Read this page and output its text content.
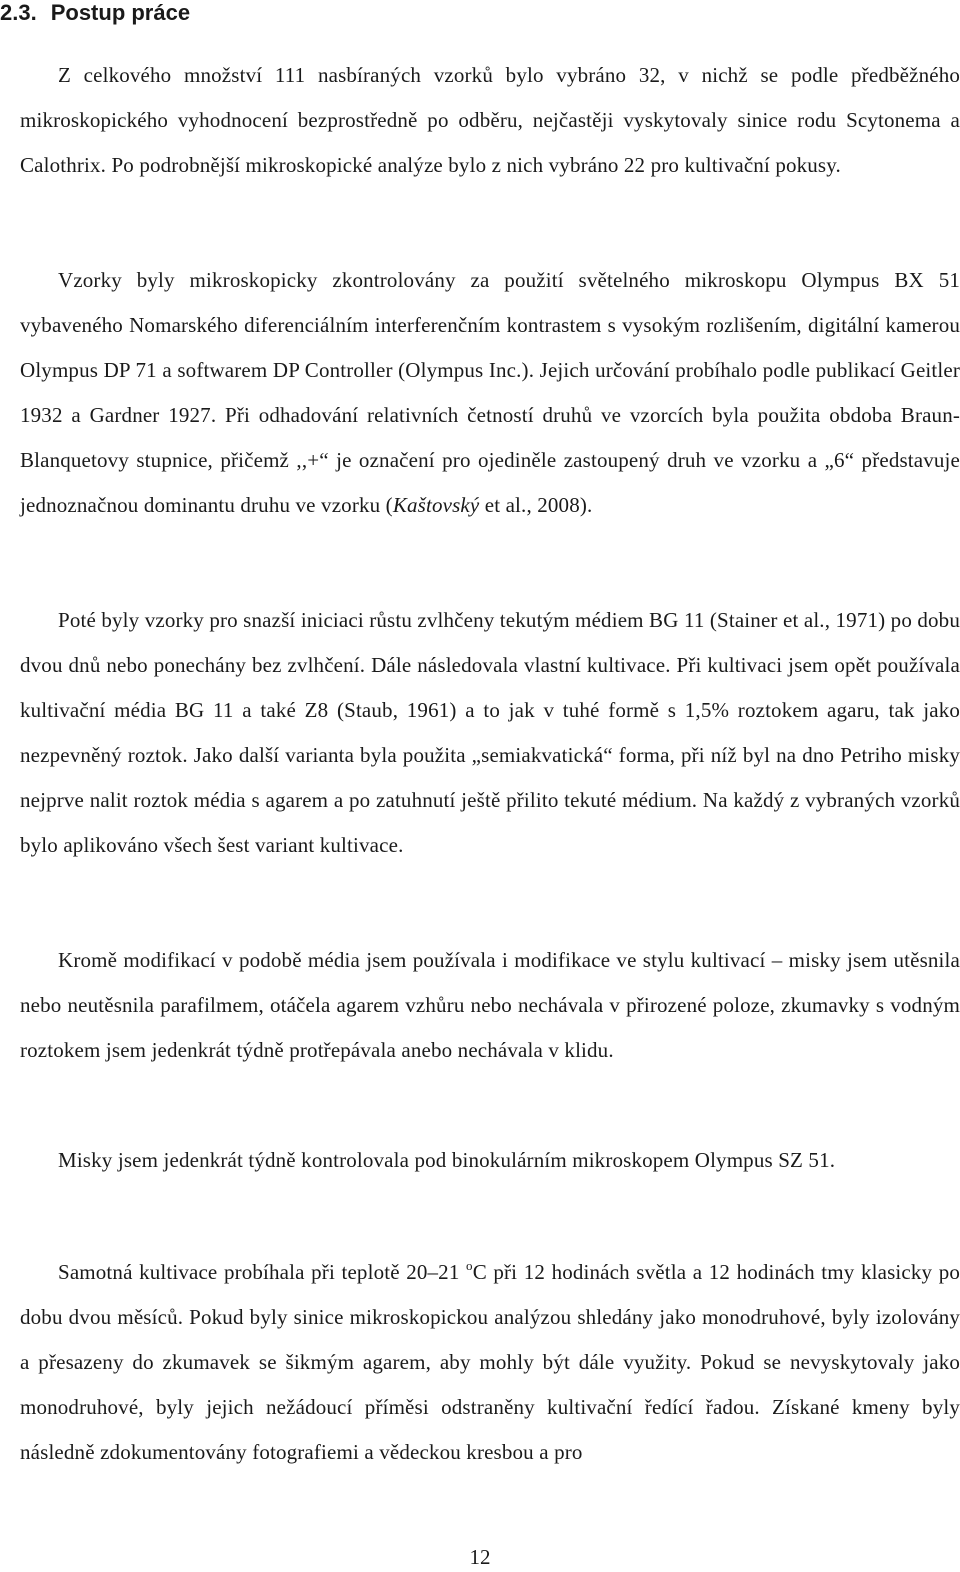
2.3. Postup práce

Z celkového množství 111 nasbíraných vzorků bylo vybráno 32, v nichž se podle předběžného mikroskopického vyhodnocení bezprostředně po odběru, nejčastěji vyskytovaly sinice rodu Scytonema a Calothrix. Po podrobnější mikroskopické analýze bylo z nich vybráno 22 pro kultivační pokusy.

Vzorky byly mikroskopicky zkontrolovány za použití světelného mikroskopu Olympus BX 51 vybaveného Nomarského diferenciálním interferenčním kontrastem s vysokým rozlišením, digitální kamerou Olympus DP 71 a softwarem DP Controller (Olympus Inc.). Jejich určování probíhalo podle publikací Geitler 1932 a Gardner 1927. Při odhadování relativních četností druhů ve vzorcích byla použita obdoba Braun-Blanquetovy stupnice, přičemž ,,+“ je označení pro ojediněle zastoupený druh ve vzorku a „6“ představuje jednoznačnou dominantu druhu ve vzorku (Kaštovský et al., 2008).

Poté byly vzorky pro snazší iniciaci růstu zvlhčeny tekutým médiem BG 11 (Stainer et al., 1971) po dobu dvou dnů nebo ponechány bez zvlhčení. Dále následovala vlastní kultivace. Při kultivaci jsem opět používala kultivační média BG 11 a také Z8 (Staub, 1961) a to jak v tuhé formě s 1,5% roztokem agaru, tak jako nezpevněný roztok. Jako další varianta byla použita „semiakvatická“ forma, při níž byl na dno Petriho misky nejprve nalit roztok média s agarem a po zatuhnutí ještě přilito tekuté médium. Na každý z vybraných vzorků bylo aplikováno všech šest variant kultivace.

Kromě modifikací v podobě média jsem používala i modifikace ve stylu kultivací – misky jsem utěsnila nebo neutěsnila parafilmem, otáčela agarem vzhůru nebo nechávala v přirozené poloze, zkumavky s vodným roztokem jsem jedenkrát týdně protřepávala anebo nechávala v klidu.

Misky jsem jedenkrát týdně kontrolovala pod binokulárním mikroskopem Olympus SZ 51.

Samotná kultivace probíhala při teplotě 20–21 $^o$C při 12 hodinách světla a 12 hodinách tmy klasicky po dobu dvou měsíců. Pokud byly sinice mikroskopickou analýzou shledány jako monodruhové, byly izolovány a přesazeny do zkumavek se šikmým agarem, aby mohly být dále využity. Pokud se nevyskytovaly jako monodruhové, byly jejich nežádoucí příměsi odstraněny kultivační ředící řadou. Získané kmeny byly následně zdokumentovány fotografiemi a vědeckou kresbou a pro

12
